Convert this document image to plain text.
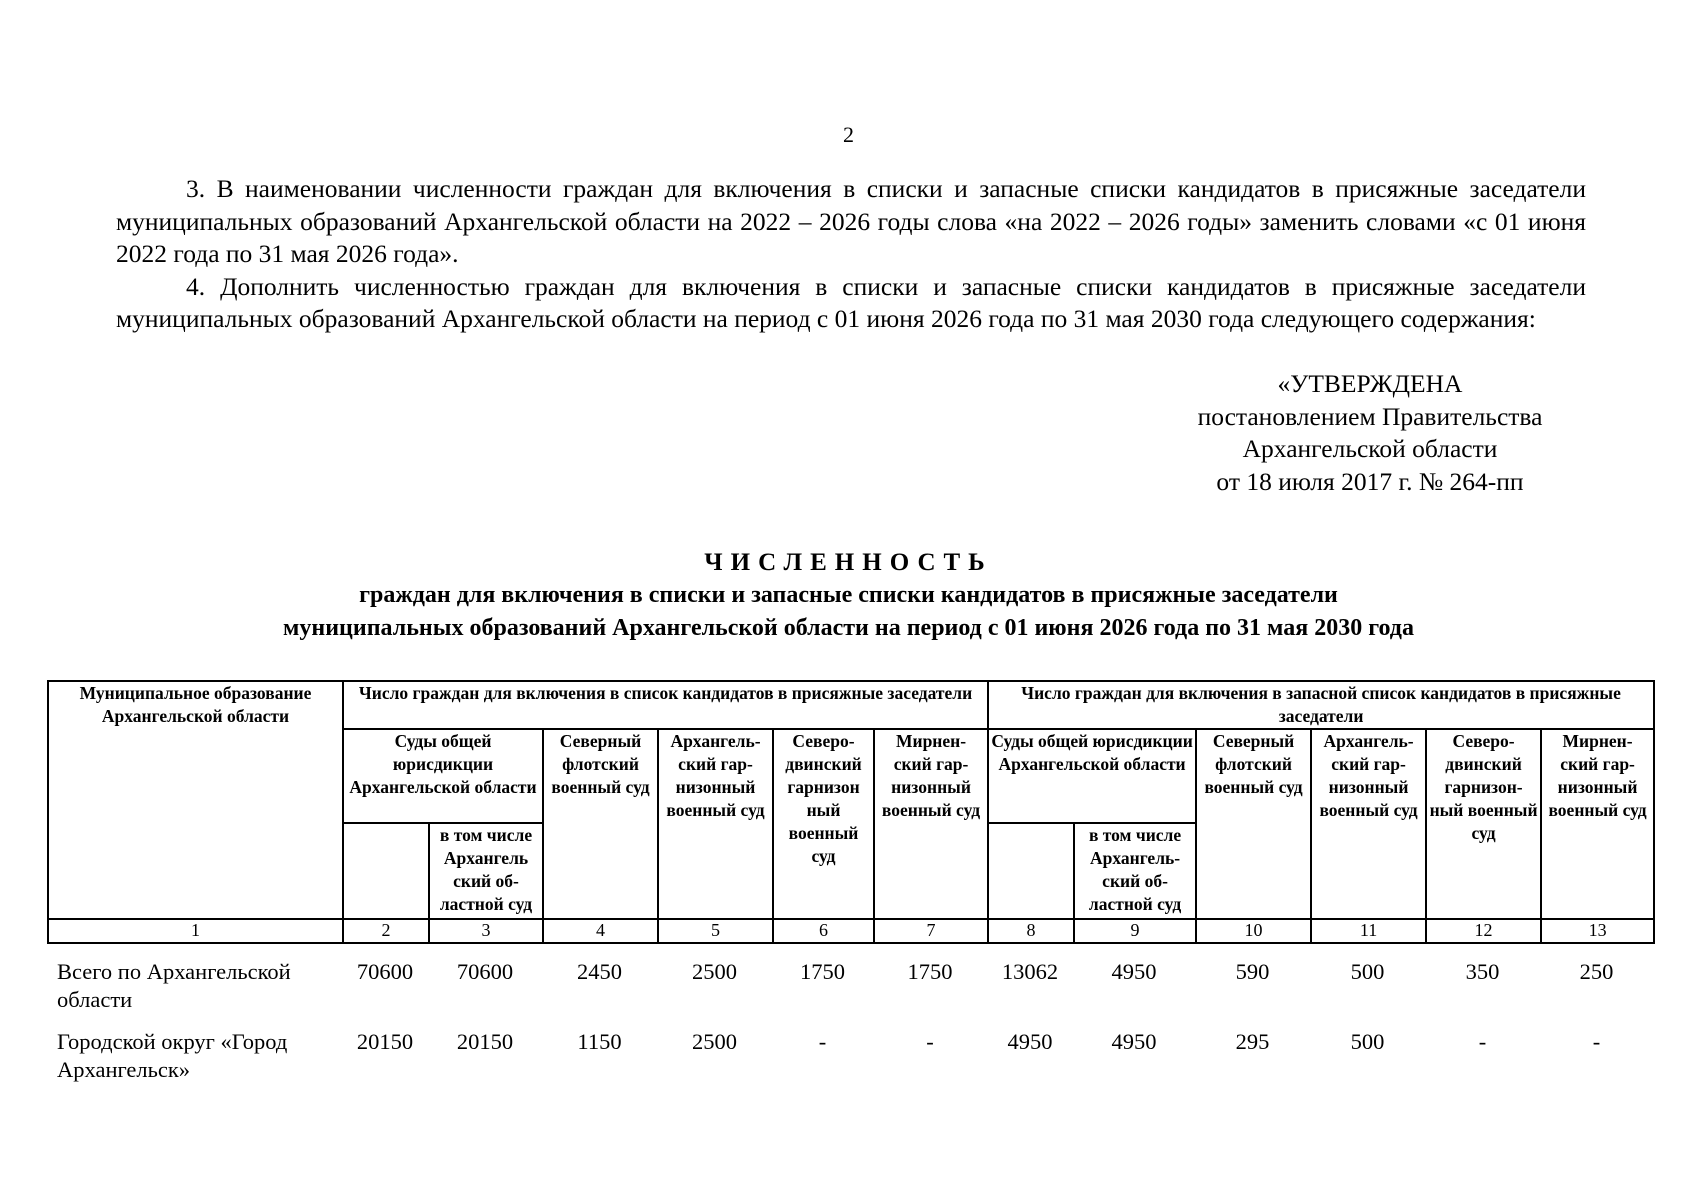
2

3. В наименовании численности граждан для включения в списки и запасные списки кандидатов в присяжные заседатели муниципальных образований Архангельской области на 2022 – 2026 годы слова «на 2022 – 2026 годы» заменить словами «с 01 июня 2022 года по 31 мая 2026 года».

4. Дополнить численностью граждан для включения в списки и запасные списки кандидатов в присяжные заседатели муниципальных образований Архангельской области на период с 01 июня 2026 года по 31 мая 2030 года следующего содержания:

«УТВЕРЖДЕНА
постановлением Правительства
Архангельской области
от 18 июля 2017 г. № 264-пп
ЧИСЛЕННОСТЬ
граждан для включения в списки и запасные списки кандидатов в присяжные заседатели
муниципальных образований Архангельской области на период с 01 июня 2026 года по 31 мая 2030 года
Муниципальное образование Архангельской области	Число граждан для включения в список кандидатов в присяжные заседатели						Число граждан для включения в запасной список кандидатов в присяжные заседатели					
	Суды общей юрисдикции Архангельской области		Северный флотский военный суд	Архангель- ский гар- низонный военный суд	Северо- двинский гарнизон ный военный суд	Мирнен- ский гар- низонный военный суд	Суды общей юрисдикции Архангельской области		Северный флотский военный суд	Архангель- ский гар- низонный военный суд	Северо- двинский гарнизон- ный военный суд	Мирнен- ский гар- низонный военный суд
		в том числе Архангель ский об- ластной суд						в том числе Архангель- ский об- ластной суд				
1	2	3	4	5	6	7	8	9	10	11	12	13
Всего по Архангельской области	70600	70600	2450	2500	1750	1750	13062	4950	590	500	350	250
Городской округ «Город Архангельск»	20150	20150	1150	2500	-	-	4950	4950	295	500	-	-
